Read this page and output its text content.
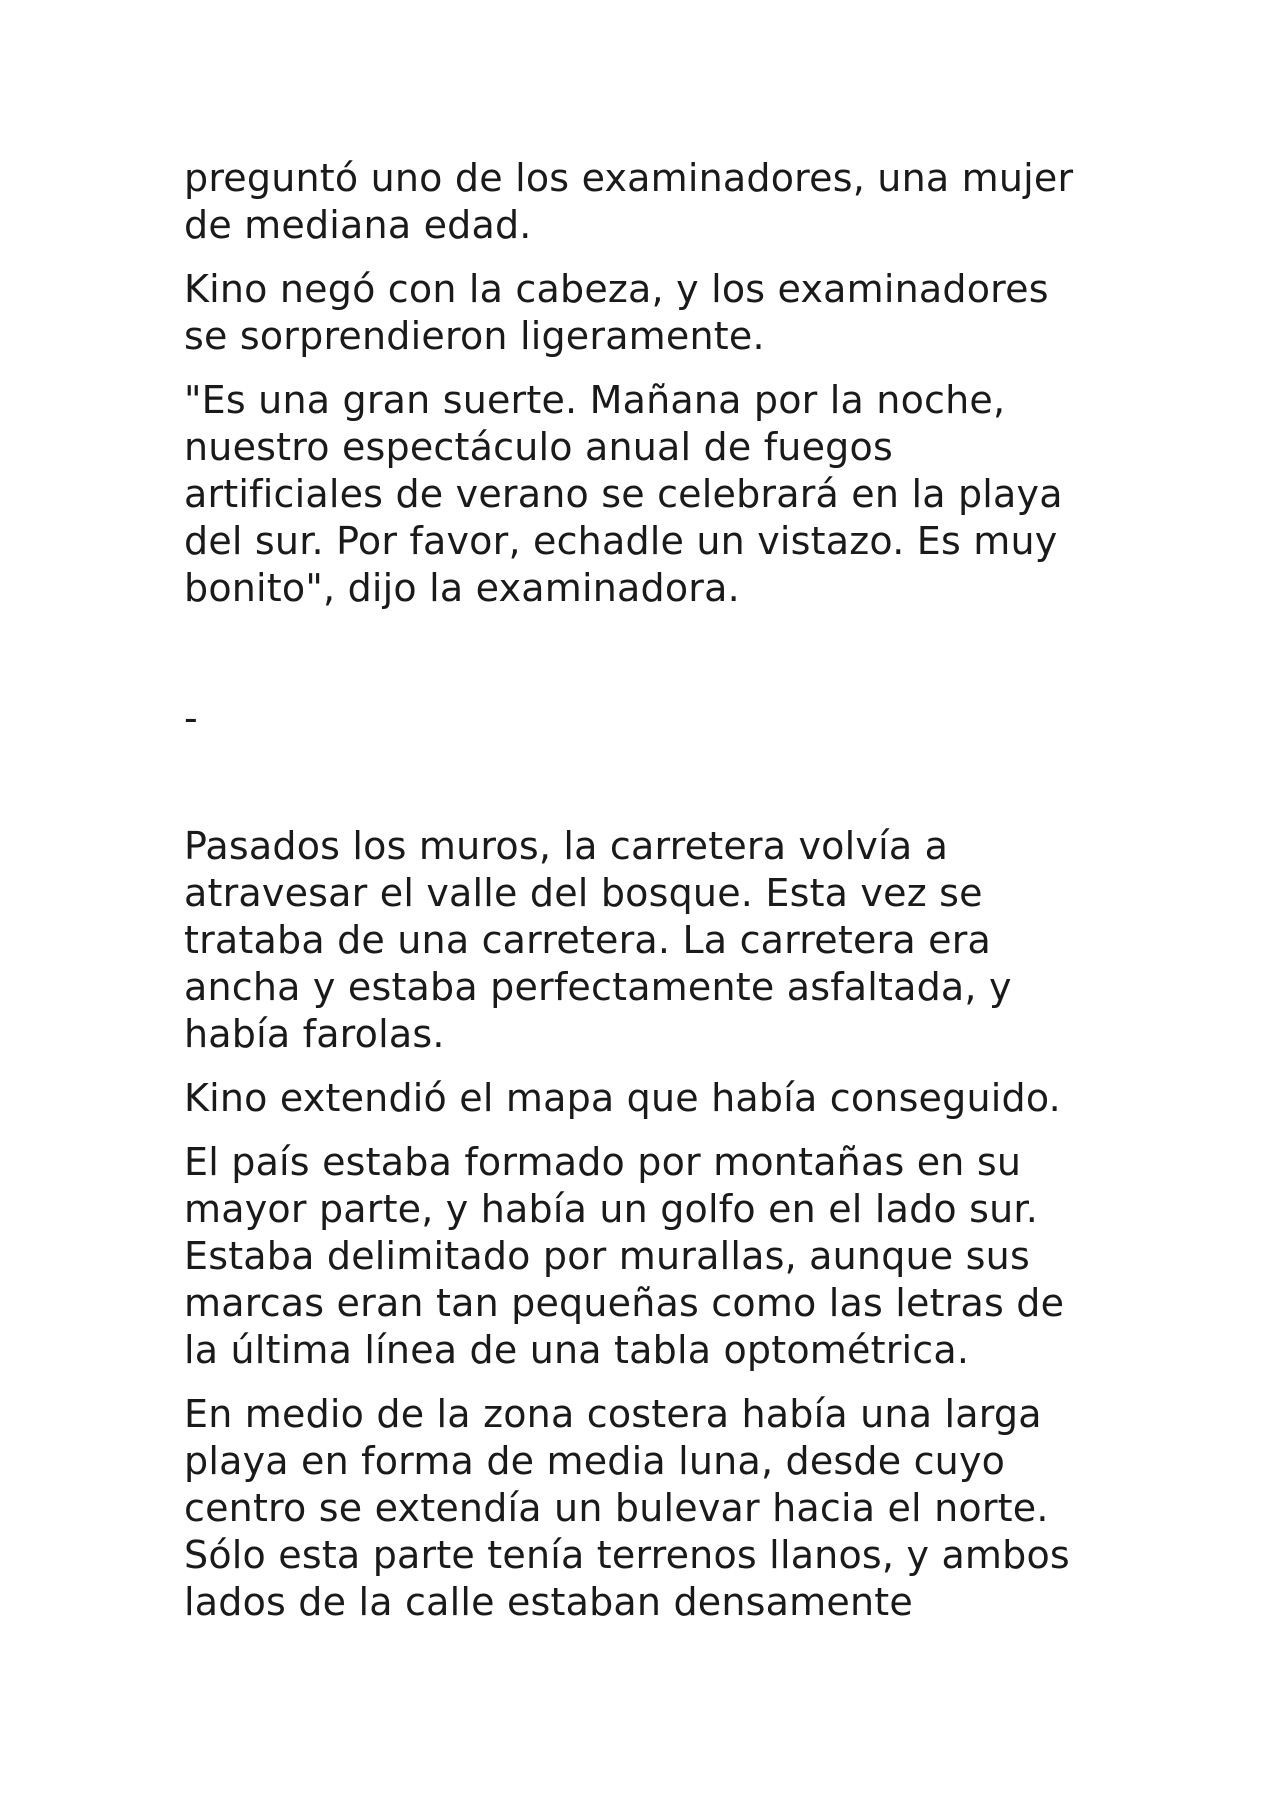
preguntó uno de los examinadores, una mujer
de mediana edad.

Kino negó con la cabeza, y los examinadores
se sorprendieron ligeramente.

"Es una gran suerte. Mañana por la noche,
nuestro espectáculo anual de fuegos
artificiales de verano se celebrará en la playa
del sur. Por favor, echadle un vistazo. Es muy
bonito", dijo la examinadora.

-

Pasados los muros, la carretera volvía a
atravesar el valle del bosque. Esta vez se
trataba de una carretera. La carretera era
ancha y estaba perfectamente asfaltada, y
había farolas.

Kino extendió el mapa que había conseguido.

El país estaba formado por montañas en su
mayor parte, y había un golfo en el lado sur.
Estaba delimitado por murallas, aunque sus
marcas eran tan pequeñas como las letras de
la última línea de una tabla optométrica.

En medio de la zona costera había una larga
playa en forma de media luna, desde cuyo
centro se extendía un bulevar hacia el norte.
Sólo esta parte tenía terrenos llanos, y ambos
lados de la calle estaban densamente
